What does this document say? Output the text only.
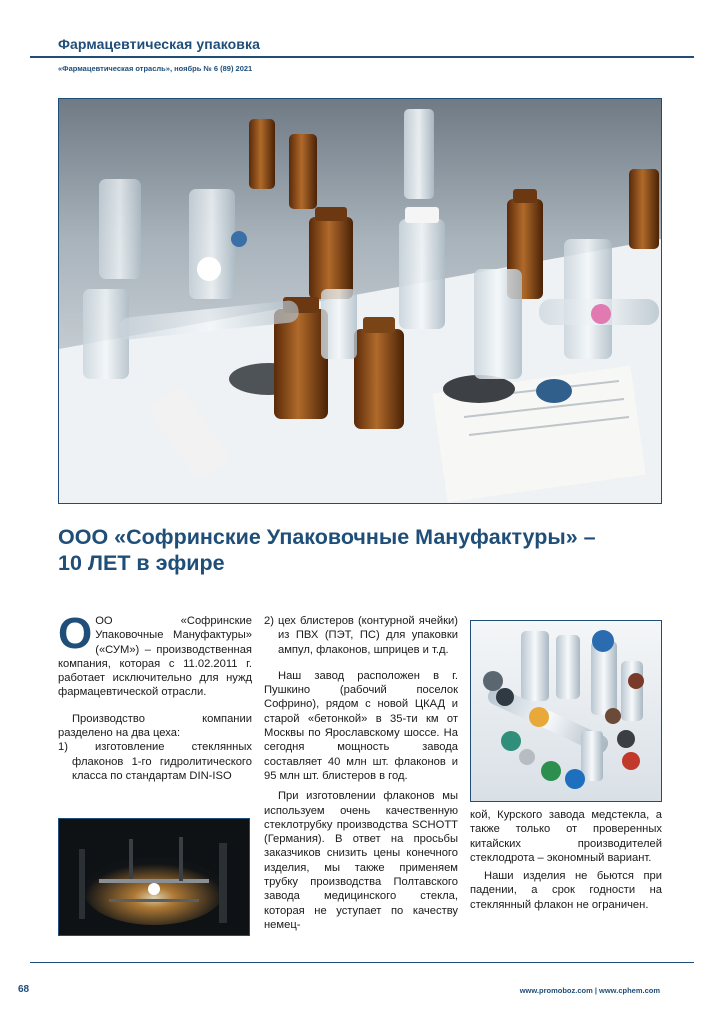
Фармацевтическая упаковка
«Фармацевтическая отрасль», ноябрь № 6 (89) 2021
ООО «Софринские Упаковочные Мануфактуры» –
10 ЛЕТ в эфире

ООО «Софринские Упаковочные Мануфактуры» («СУМ») – производственная компания, которая с 11.02.2011 г. работает исключительно для нужд фармацевтической отрасли.

Производство компании разделено на два цеха:

1) изготовление стеклянных флаконов 1-го гидролитического класса по стандартам DIN-ISO

2) цех блистеров (контурной ячейки) из ПВХ (ПЭТ, ПС) для упаковки ампул, флаконов, шприцев и т.д.

Наш завод расположен в г. Пушкино (рабочий поселок Софрино), рядом с новой ЦКАД и старой «бетонкой» в 35-ти км от Москвы по Ярославскому шоссе. На сегодня мощность завода составляет 40 млн шт. флаконов и 95 млн шт. блистеров в год.

При изготовлении флаконов мы используем очень качественную стеклотрубку производства SCHOTT (Германия). В ответ на просьбы заказчиков снизить цены конечного изделия, мы также применяем трубку производства Полтавского завода медицинского стекла, которая не уступает по качеству немец-

кой, Курского завода медстекла, а также только от проверенных китайских производителей стеклодрота – экономный вариант.

Наши изделия не бьются при падении, а срок годности на стеклянный флакон не ограничен.

68	www.promoboz.com | www.cphem.com
